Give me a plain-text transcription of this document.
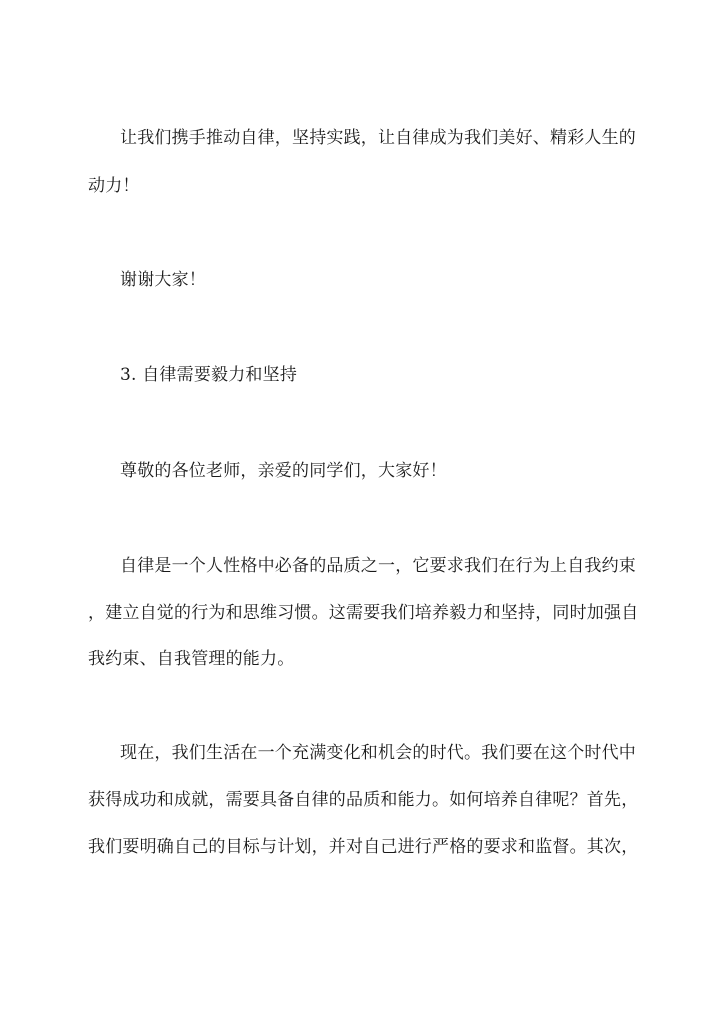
让我们携手推动自律，坚持实践，让自律成为我们美好、精彩人生的
动力！
谢谢大家！
3. 自律需要毅力和坚持
尊敬的各位老师，亲爱的同学们，大家好！
自律是一个人性格中必备的品质之一，它要求我们在行为上自我约束
，建立自觉的行为和思维习惯。这需要我们培养毅力和坚持，同时加强自
我约束、自我管理的能力。
现在，我们生活在一个充满变化和机会的时代。我们要在这个时代中
获得成功和成就，需要具备自律的品质和能力。如何培养自律呢？首先，
我们要明确自己的目标与计划，并对自己进行严格的要求和监督。其次，
